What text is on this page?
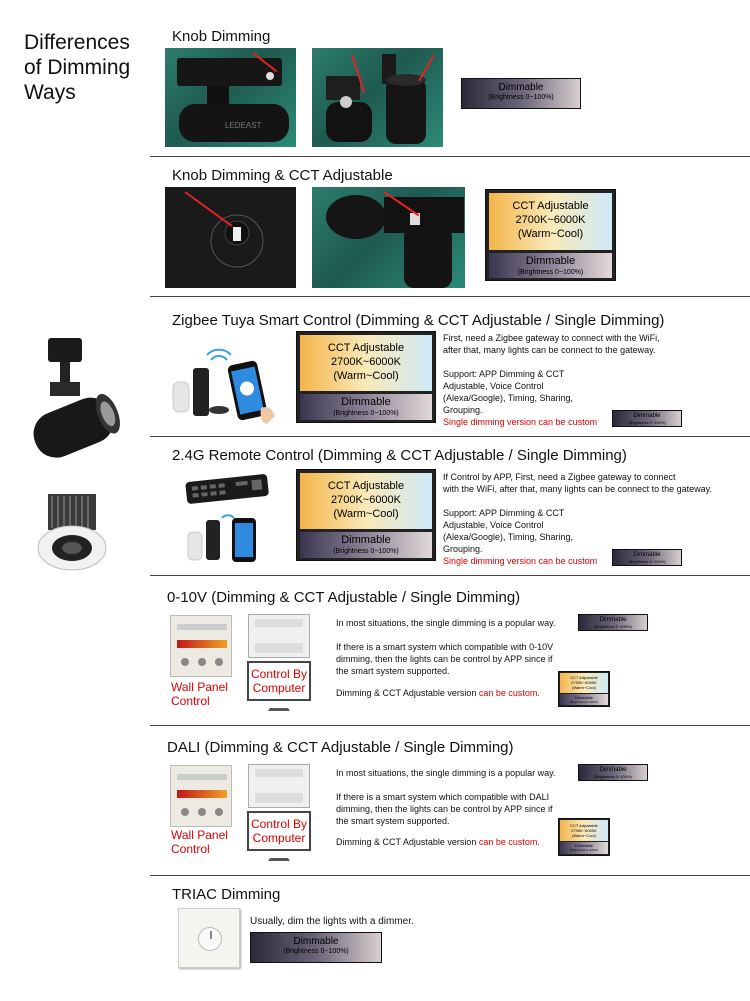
Differences
of Dimming
Ways
Knob Dimming
LEDEAST
Dimmable
(Brightness 0~100%)
Knob Dimming & CCT Adjustable
CCT Adjustable
2700K~6000K
(Warm~Cool)
Dimmable
(Brightness 0~100%)
Zigbee Tuya Smart Control (Dimming & CCT Adjustable / Single Dimming)
CCT Adjustable
2700K~6000K
(Warm~Cool)
Dimmable
(Brightness 0~100%)
First, need a Zigbee gateway to connect with the WiFi,
after that, many lights can be connect to the gateway.
Support: APP Dimming & CCT
Adjustable, Voice Control
(Alexa/Google), Timing, Sharing,
Grouping.
Single dimming version can be custom
Dimmable
(Brightness 0~100%)
2.4G Remote Control (Dimming & CCT Adjustable / Single Dimming)
CCT Adjustable
2700K~6000K
(Warm~Cool)
Dimmable
(Brightness 0~100%)
If Control by APP, First, need a Zigbee gateway to connect
with the WiFi, after that, many lights can be connect to the gateway.
Support: APP Dimming & CCT
Adjustable, Voice Control
(Alexa/Google), Timing, Sharing,
Grouping.
Single dimming version can be custom
Dimmable
(Brightness 0~100%)
0-10V (Dimming & CCT Adjustable / Single Dimming)
Wall Panel
Control
Control By
Computer
In most situations, the single dimming is a popular way.	Dimmable
(Brightness 0~100%)
If there is a smart system which compatible with 0-10V
dimming, then the lights can be control by APP since if
the smart system supported.
Dimming & CCT Adjustable version can be custom.
CCT Adjustable
2700K~6000K
(Warm~Cool)
Dimmable
(Brightness 0~100%)
DALI (Dimming & CCT Adjustable / Single Dimming)
Wall Panel
Control
Control By
Computer
In most situations, the single dimming is a popular way.	Dimmable
(Brightness 0~100%)
If there is a smart system which compatible with DALI
dimming, then the lights can be control by APP since if
the smart system supported.
Dimming & CCT Adjustable version can be custom.
CCT Adjustable
2700K~6000K
(Warm~Cool)
Dimmable
(Brightness 0~100%)
TRIAC Dimming
Usually, dim the lights with a dimmer.
Dimmable
(Brightness 0~100%)
